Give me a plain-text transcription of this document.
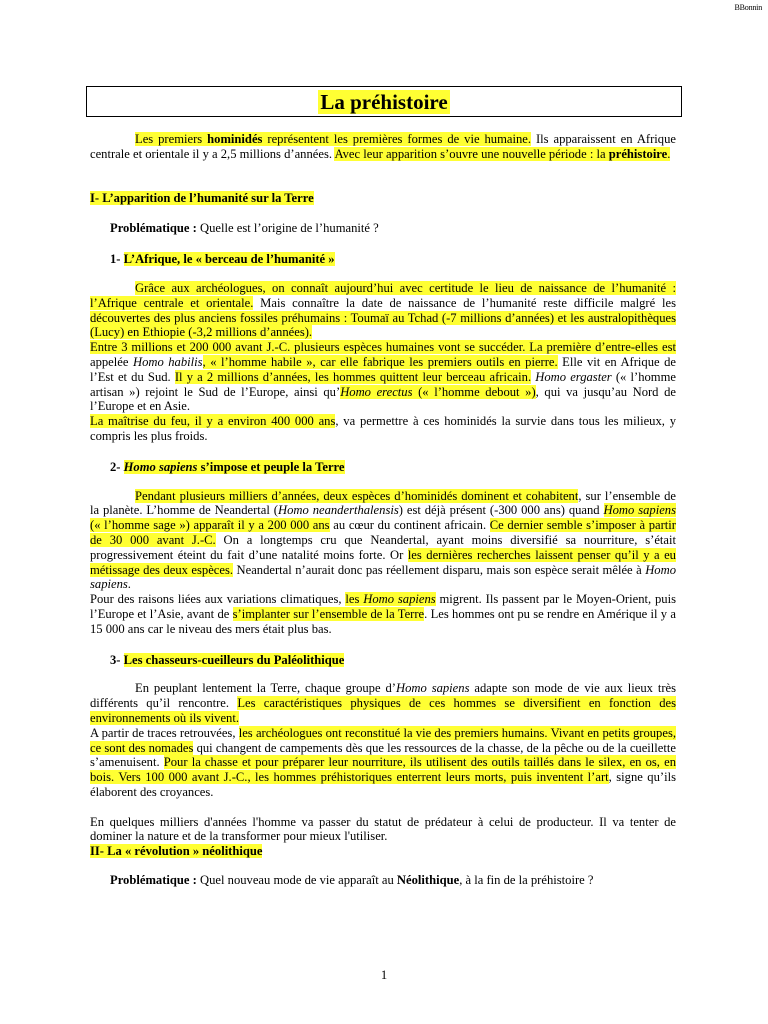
BBonnin
La préhistoire

Les premiers hominidés représentent les premières formes de vie humaine. Ils apparaissent en Afrique centrale et orientale il y a 2,5 millions d’années. Avec leur apparition s’ouvre une nouvelle période : la préhistoire.

I- L’apparition de l’humanité sur la Terre

Problématique : Quelle est l’origine de l’humanité ?

1- L’Afrique, le « berceau de l’humanité »

Grâce aux archéologues, on connaît aujourd’hui avec certitude le lieu de naissance de l’humanité : l’Afrique centrale et orientale. Mais connaître la date de naissance de l’humanité reste difficile malgré les découvertes des plus anciens fossiles préhumains : Toumaï au Tchad (-7 millions d’années) et les australopithèques (Lucy) en Ethiopie (-3,2 millions d’années).

Entre 3 millions et 200 000 avant J.-C. plusieurs espèces humaines vont se succéder. La première d’entre-elles est appelée Homo habilis, « l’homme habile », car elle fabrique les premiers outils en pierre. Elle vit en Afrique de l’Est et du Sud. Il y a 2 millions d’années, les hommes quittent leur berceau africain. Homo ergaster (« l’homme artisan ») rejoint le Sud de l’Europe, ainsi qu’Homo erectus (« l’homme debout »), qui va jusqu’au Nord de l’Europe et en Asie.

La maîtrise du feu, il y a environ 400 000 ans, va permettre à ces hominidés la survie dans tous les milieux, y compris les plus froids.

2- Homo sapiens s’impose et peuple la Terre

Pendant plusieurs milliers d’années, deux espèces d’hominidés dominent et cohabitent, sur l’ensemble de la planète. L’homme de Neandertal (Homo neanderthalensis) est déjà présent (-300 000 ans) quand Homo sapiens (« l’homme sage ») apparaît il y a 200 000 ans au cœur du continent africain. Ce dernier semble s’imposer à partir de 30 000 avant J.-C. On a longtemps cru que Neandertal, ayant moins diversifié sa nourriture, s’était progressivement éteint du fait d’une natalité moins forte. Or les dernières recherches laissent penser qu’il y a eu métissage des deux espèces. Neandertal n’aurait donc pas réellement disparu, mais son espèce serait mêlée à Homo sapiens.

Pour des raisons liées aux variations climatiques, les Homo sapiens migrent. Ils passent par le Moyen-Orient, puis l’Europe et l’Asie, avant de s’implanter sur l’ensemble de la Terre. Les hommes ont pu se rendre en Amérique il y a 15 000 ans car le niveau des mers était plus bas.

3- Les chasseurs-cueilleurs du Paléolithique

En peuplant lentement la Terre, chaque groupe d’Homo sapiens adapte son mode de vie aux lieux très différents qu’il rencontre. Les caractéristiques physiques de ces hommes se diversifient en fonction des environnements où ils vivent.

A partir de traces retrouvées, les archéologues ont reconstitué la vie des premiers humains. Vivant en petits groupes, ce sont des nomades qui changent de campements dès que les ressources de la chasse, de la pêche ou de la cueillette s’amenuisent. Pour la chasse et pour préparer leur nourriture, ils utilisent des outils taillés dans le silex, en os, en bois. Vers 100 000 avant J.-C., les hommes préhistoriques enterrent leurs morts, puis inventent l’art, signe qu’ils élaborent des croyances.

En quelques milliers d'années l'homme va passer du statut de prédateur à celui de producteur. Il va tenter de dominer la nature et de la transformer pour mieux l'utiliser.

II- La « révolution » néolithique

Problématique : Quel nouveau mode de vie apparaît au Néolithique, à la fin de la préhistoire ?

1
